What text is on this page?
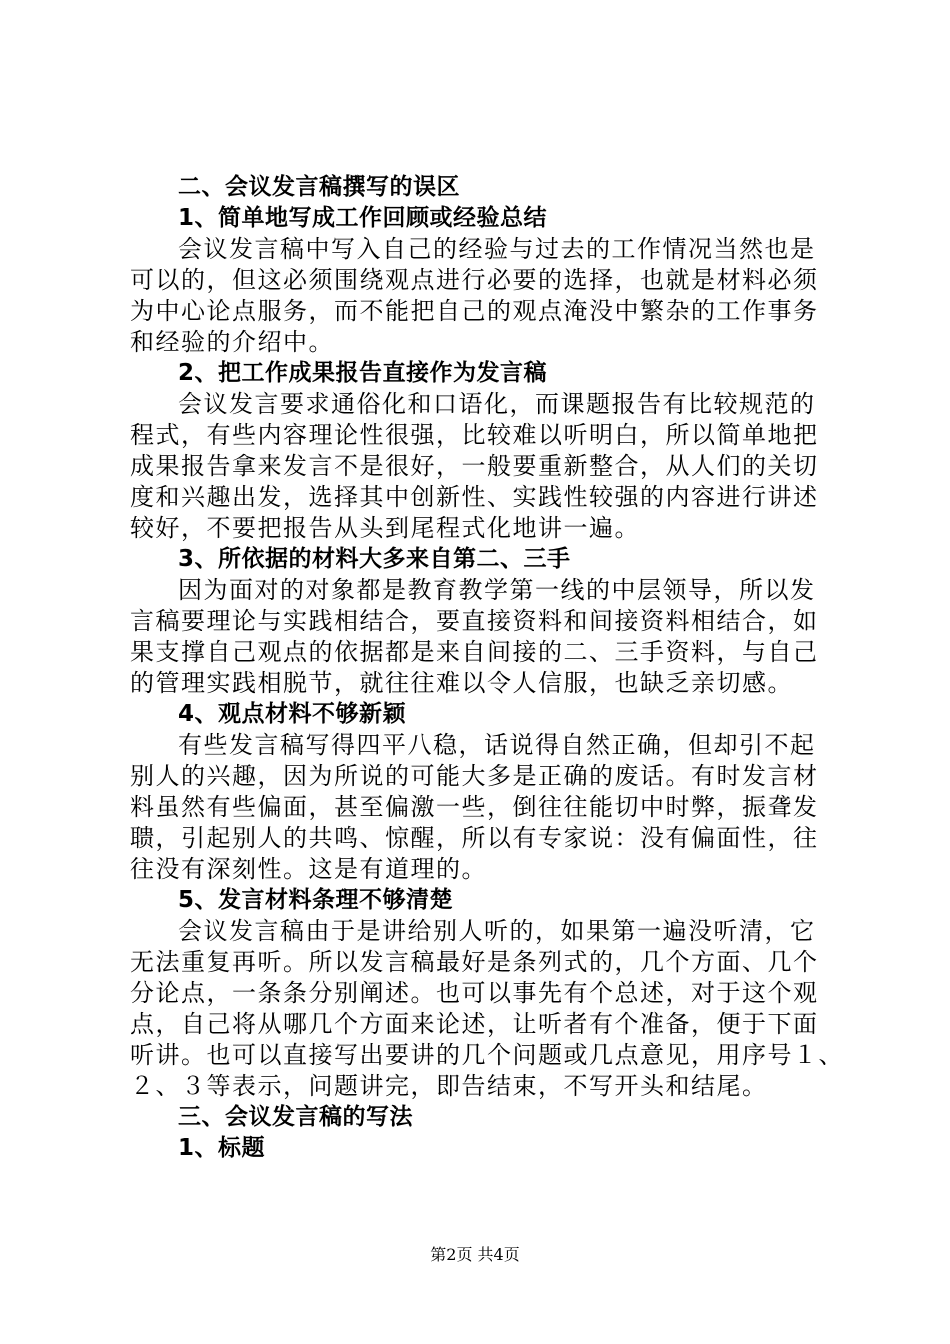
二、会议发言稿撰写的误区
1、简单地写成工作回顾或经验总结
会议发言稿中写入自己的经验与过去的工作情况当然也是
可以的，但这必须围绕观点进行必要的选择，也就是材料必须
为中心论点服务，而不能把自己的观点淹没中繁杂的工作事务
和经验的介绍中。
2、把工作成果报告直接作为发言稿
会议发言要求通俗化和口语化，而课题报告有比较规范的
程式，有些内容理论性很强，比较难以听明白，所以简单地把
成果报告拿来发言不是很好，一般要重新整合，从人们的关切
度和兴趣出发，选择其中创新性、实践性较强的内容进行讲述
较好，不要把报告从头到尾程式化地讲一遍。
3、所依据的材料大多来自第二、三手
因为面对的对象都是教育教学第一线的中层领导，所以发
言稿要理论与实践相结合，要直接资料和间接资料相结合，如
果支撑自己观点的依据都是来自间接的二、三手资料，与自己
的管理实践相脱节，就往往难以令人信服，也缺乏亲切感。
4、观点材料不够新颖
有些发言稿写得四平八稳，话说得自然正确，但却引不起
别人的兴趣，因为所说的可能大多是正确的废话。有时发言材
料虽然有些偏面，甚至偏激一些，倒往往能切中时弊，振聋发
聩，引起别人的共鸣、惊醒，所以有专家说：没有偏面性，往
往没有深刻性。这是有道理的。
5、发言材料条理不够清楚
会议发言稿由于是讲给别人听的，如果第一遍没听清，它
无法重复再听。所以发言稿最好是条列式的，几个方面、几个
分论点，一条条分别阐述。也可以事先有个总述，对于这个观
点，自己将从哪几个方面来论述，让听者有个准备，便于下面
听讲。也可以直接写出要讲的几个问题或几点意见，用序号１、
２、３等表示，问题讲完，即告结束，不写开头和结尾。
三、会议发言稿的写法
1、标题
第2页 共4页
